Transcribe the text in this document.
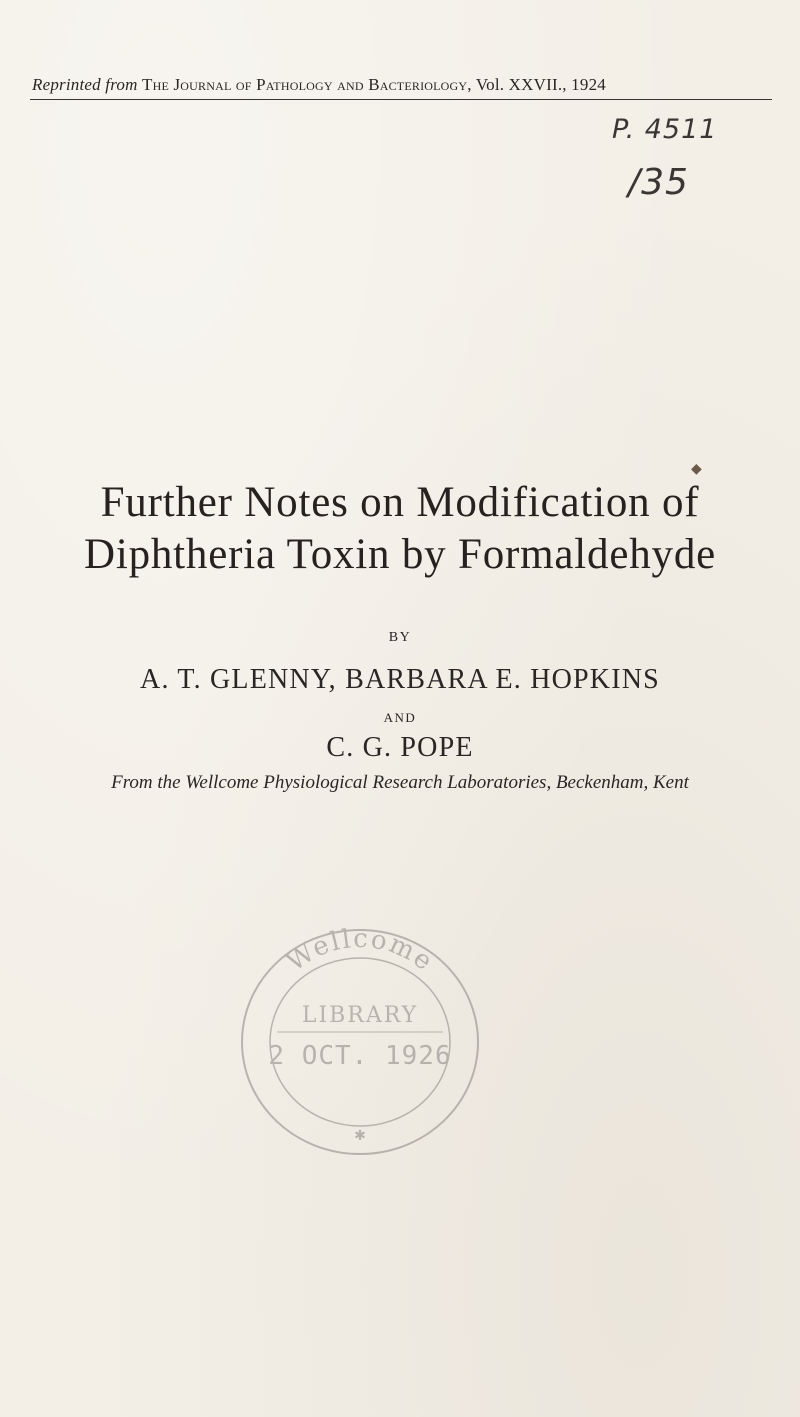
Reprinted from The Journal of Pathology and Bacteriology, Vol. XXVII., 1924
P. 4511
/35
◆
Further Notes on Modification of
Diphtheria Toxin by Formaldehyde
BY
A. T. GLENNY, BARBARA E. HOPKINS
AND
C. G. POPE
From the Wellcome Physiological Research Laboratories, Beckenham, Kent
Wellcome
LIBRARY
2 OCT. 1926
✱
